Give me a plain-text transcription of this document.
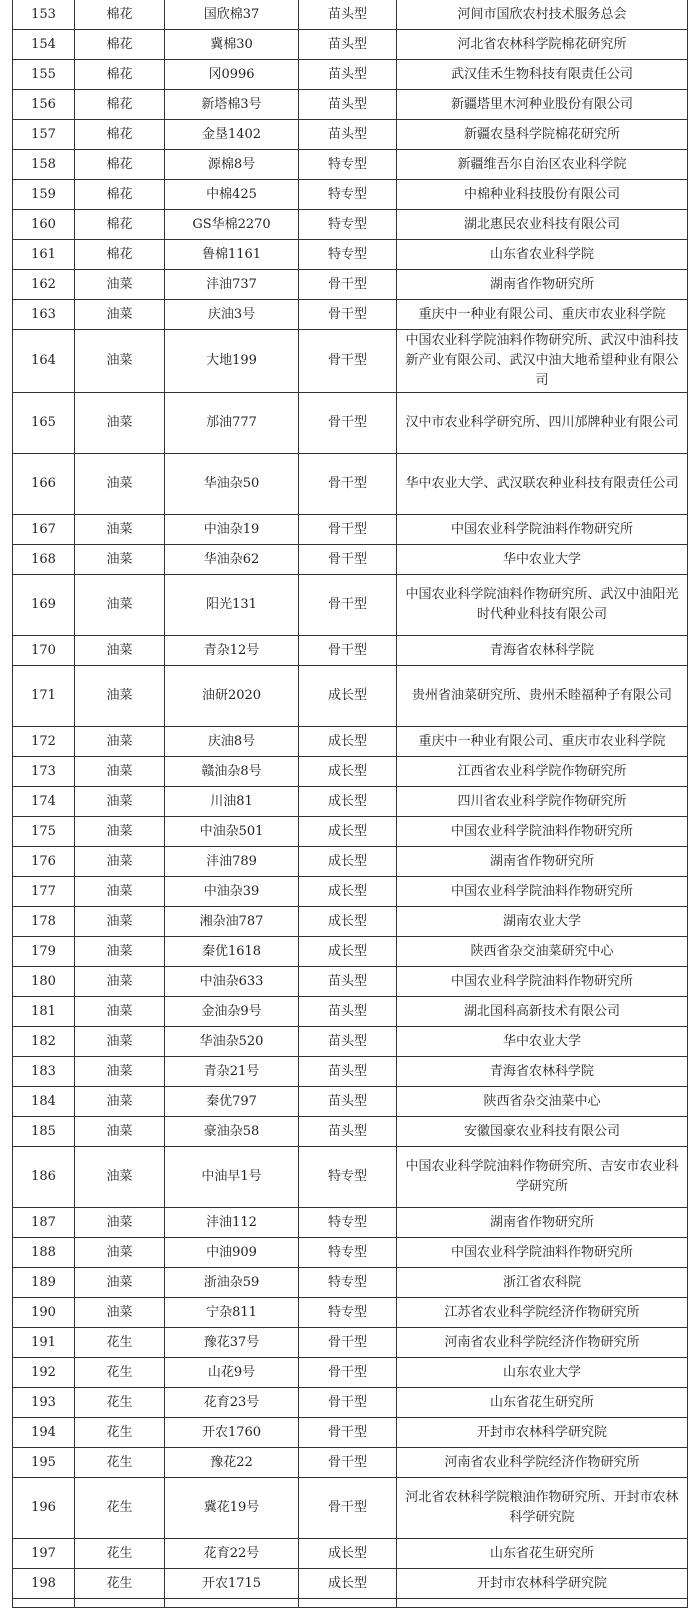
153	棉花	国欣棉37	苗头型	河间市国欣农村技术服务总会
154	棉花	冀棉30	苗头型	河北省农林科学院棉花研究所
155	棉花	冈0996	苗头型	武汉佳禾生物科技有限责任公司
156	棉花	新塔棉3号	苗头型	新疆塔里木河种业股份有限公司
157	棉花	金垦1402	苗头型	新疆农垦科学院棉花研究所
158	棉花	源棉8号	特专型	新疆维吾尔自治区农业科学院
159	棉花	中棉425	特专型	中棉种业科技股份有限公司
160	棉花	GS华棉2270	特专型	湖北惠民农业科技有限公司
161	棉花	鲁棉1161	特专型	山东省农业科学院
162	油菜	沣油737	骨干型	湖南省作物研究所
163	油菜	庆油3号	骨干型	重庆中一种业有限公司、重庆市农业科学院
164	油菜	大地199	骨干型	中国农业科学院油料作物研究所、武汉中油科技新产业有限公司、武汉中油大地希望种业有限公司
165	油菜	邡油777	骨干型	汉中市农业科学研究所、四川邡牌种业有限公司
166	油菜	华油杂50	骨干型	华中农业大学、武汉联农种业科技有限责任公司
167	油菜	中油杂19	骨干型	中国农业科学院油料作物研究所
168	油菜	华油杂62	骨干型	华中农业大学
169	油菜	阳光131	骨干型	中国农业科学院油料作物研究所、武汉中油阳光时代种业科技有限公司
170	油菜	青杂12号	骨干型	青海省农林科学院
171	油菜	油研2020	成长型	贵州省油菜研究所、贵州禾睦福种子有限公司
172	油菜	庆油8号	成长型	重庆中一种业有限公司、重庆市农业科学院
173	油菜	赣油杂8号	成长型	江西省农业科学院作物研究所
174	油菜	川油81	成长型	四川省农业科学院作物研究所
175	油菜	中油杂501	成长型	中国农业科学院油料作物研究所
176	油菜	沣油789	成长型	湖南省作物研究所
177	油菜	中油杂39	成长型	中国农业科学院油料作物研究所
178	油菜	湘杂油787	成长型	湖南农业大学
179	油菜	秦优1618	成长型	陕西省杂交油菜研究中心
180	油菜	中油杂633	苗头型	中国农业科学院油料作物研究所
181	油菜	金油杂9号	苗头型	湖北国科高新技术有限公司
182	油菜	华油杂520	苗头型	华中农业大学
183	油菜	青杂21号	苗头型	青海省农林科学院
184	油菜	秦优797	苗头型	陕西省杂交油菜中心
185	油菜	豪油杂58	苗头型	安徽国豪农业科技有限公司
186	油菜	中油早1号	特专型	中国农业科学院油料作物研究所、吉安市农业科学研究所
187	油菜	沣油112	特专型	湖南省作物研究所
188	油菜	中油909	特专型	中国农业科学院油料作物研究所
189	油菜	浙油杂59	特专型	浙江省农科院
190	油菜	宁杂811	特专型	江苏省农业科学院经济作物研究所
191	花生	豫花37号	骨干型	河南省农业科学院经济作物研究所
192	花生	山花9号	骨干型	山东农业大学
193	花生	花育23号	骨干型	山东省花生研究所
194	花生	开农1760	骨干型	开封市农林科学研究院
195	花生	豫花22	骨干型	河南省农业科学院经济作物研究所
196	花生	冀花19号	骨干型	河北省农林科学院粮油作物研究所、开封市农林科学研究院
197	花生	花育22号	成长型	山东省花生研究所
198	花生	开农1715	成长型	开封市农林科学研究院
